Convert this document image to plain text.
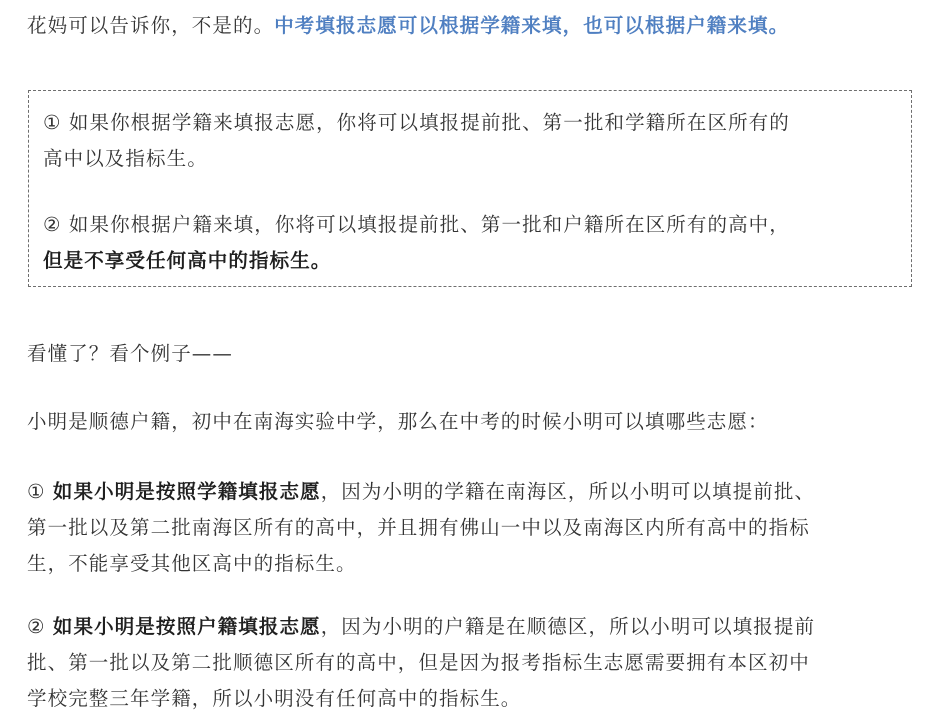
花妈可以告诉你，不是的。中考填报志愿可以根据学籍来填，也可以根据户籍来填。

① 如果你根据学籍来填报志愿，你将可以填报提前批、第一批和学籍所在区所有的
高中以及指标生。

② 如果你根据户籍来填，你将可以填报提前批、第一批和户籍所在区所有的高中，
但是不享受任何高中的指标生。

看懂了？看个例子——

小明是顺德户籍，初中在南海实验中学，那么在中考的时候小明可以填哪些志愿：

① 如果小明是按照学籍填报志愿，因为小明的学籍在南海区，所以小明可以填提前批、
第一批以及第二批南海区所有的高中，并且拥有佛山一中以及南海区内所有高中的指标
生，不能享受其他区高中的指标生。

② 如果小明是按照户籍填报志愿，因为小明的户籍是在顺德区，所以小明可以填报提前
批、第一批以及第二批顺德区所有的高中，但是因为报考指标生志愿需要拥有本区初中
学校完整三年学籍，所以小明没有任何高中的指标生。
